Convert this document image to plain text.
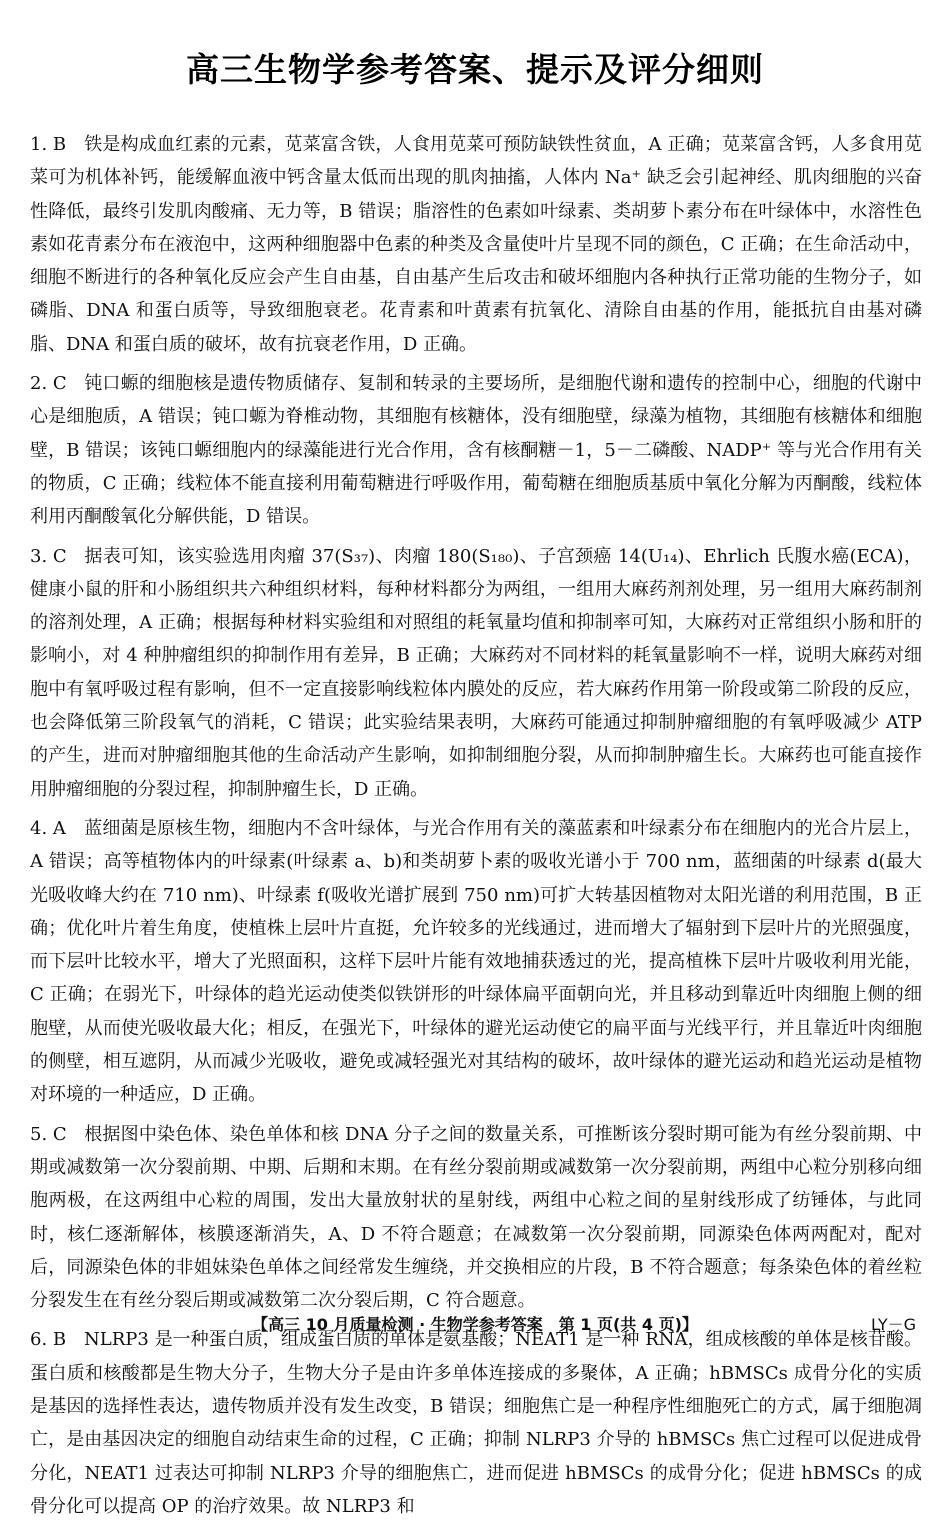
高三生物学参考答案、提示及评分细则

1. B 铁是构成血红素的元素，苋菜富含铁，人食用苋菜可预防缺铁性贫血，A 正确；苋菜富含钙，人多食用苋菜可为机体补钙，能缓解血液中钙含量太低而出现的肌肉抽搐，人体内 Na⁺ 缺乏会引起神经、肌肉细胞的兴奋性降低，最终引发肌肉酸痛、无力等，B 错误；脂溶性的色素如叶绿素、类胡萝卜素分布在叶绿体中，水溶性色素如花青素分布在液泡中，这两种细胞器中色素的种类及含量使叶片呈现不同的颜色，C 正确；在生命活动中，细胞不断进行的各种氧化反应会产生自由基，自由基产生后攻击和破坏细胞内各种执行正常功能的生物分子，如磷脂、DNA 和蛋白质等，导致细胞衰老。花青素和叶黄素有抗氧化、清除自由基的作用，能抵抗自由基对磷脂、DNA 和蛋白质的破坏，故有抗衰老作用，D 正确。

2. C 钝口螈的细胞核是遗传物质储存、复制和转录的主要场所，是细胞代谢和遗传的控制中心，细胞的代谢中心是细胞质，A 错误；钝口螈为脊椎动物，其细胞有核糖体，没有细胞壁，绿藻为植物，其细胞有核糖体和细胞壁，B 错误；该钝口螈细胞内的绿藻能进行光合作用，含有核酮糖－1，5－二磷酸、NADP⁺ 等与光合作用有关的物质，C 正确；线粒体不能直接利用葡萄糖进行呼吸作用，葡萄糖在细胞质基质中氧化分解为丙酮酸，线粒体利用丙酮酸氧化分解供能，D 错误。

3. C 据表可知，该实验选用肉瘤 37(S₃₇)、肉瘤 180(S₁₈₀)、子宫颈癌 14(U₁₄)、Ehrlich 氏腹水癌(ECA)，健康小鼠的肝和小肠组织共六种组织材料，每种材料都分为两组，一组用大麻药剂剂处理，另一组用大麻药制剂的溶剂处理，A 正确；根据每种材料实验组和对照组的耗氧量均值和抑制率可知，大麻药对正常组织小肠和肝的影响小，对 4 种肿瘤组织的抑制作用有差异，B 正确；大麻药对不同材料的耗氧量影响不一样，说明大麻药对细胞中有氧呼吸过程有影响，但不一定直接影响线粒体内膜处的反应，若大麻药作用第一阶段或第二阶段的反应，也会降低第三阶段氧气的消耗，C 错误；此实验结果表明，大麻药可能通过抑制肿瘤细胞的有氧呼吸减少 ATP 的产生，进而对肿瘤细胞其他的生命活动产生影响，如抑制细胞分裂，从而抑制肿瘤生长。大麻药也可能直接作用肿瘤细胞的分裂过程，抑制肿瘤生长，D 正确。

4. A 蓝细菌是原核生物，细胞内不含叶绿体，与光合作用有关的藻蓝素和叶绿素分布在细胞内的光合片层上，A 错误；高等植物体内的叶绿素(叶绿素 a、b)和类胡萝卜素的吸收光谱小于 700 nm，蓝细菌的叶绿素 d(最大光吸收峰大约在 710 nm)、叶绿素 f(吸收光谱扩展到 750 nm)可扩大转基因植物对太阳光谱的利用范围，B 正确；优化叶片着生角度，使植株上层叶片直挺，允许较多的光线通过，进而增大了辐射到下层叶片的光照强度，而下层叶比较水平，增大了光照面积，这样下层叶片能有效地捕获透过的光，提高植株下层叶片吸收利用光能，C 正确；在弱光下，叶绿体的趋光运动使类似铁饼形的叶绿体扁平面朝向光，并且移动到靠近叶肉细胞上侧的细胞壁，从而使光吸收最大化；相反，在强光下，叶绿体的避光运动使它的扁平面与光线平行，并且靠近叶肉细胞的侧壁，相互遮阴，从而减少光吸收，避免或减轻强光对其结构的破坏，故叶绿体的避光运动和趋光运动是植物对环境的一种适应，D 正确。

5. C 根据图中染色体、染色单体和核 DNA 分子之间的数量关系，可推断该分裂时期可能为有丝分裂前期、中期或减数第一次分裂前期、中期、后期和末期。在有丝分裂前期或减数第一次分裂前期，两组中心粒分别移向细胞两极，在这两组中心粒的周围，发出大量放射状的星射线，两组中心粒之间的星射线形成了纺锤体，与此同时，核仁逐渐解体，核膜逐渐消失，A、D 不符合题意；在减数第一次分裂前期，同源染色体两两配对，配对后，同源染色体的非姐妹染色单体之间经常发生缠绕，并交换相应的片段，B 不符合题意；每条染色体的着丝粒分裂发生在有丝分裂后期或减数第二次分裂后期，C 符合题意。

6. B NLRP3 是一种蛋白质，组成蛋白质的单体是氨基酸；NEAT1 是一种 RNA，组成核酸的单体是核苷酸。蛋白质和核酸都是生物大分子，生物大分子是由许多单体连接成的多聚体，A 正确；hBMSCs 成骨分化的实质是基因的选择性表达，遗传物质并没有发生改变，B 错误；细胞焦亡是一种程序性细胞死亡的方式，属于细胞凋亡，是由基因决定的细胞自动结束生命的过程，C 正确；抑制 NLRP3 介导的 hBMSCs 焦亡过程可以促进成骨分化，NEAT1 过表达可抑制 NLRP3 介导的细胞焦亡，进而促进 hBMSCs 的成骨分化；促进 hBMSCs 的成骨分化可以提高 OP 的治疗效果。故 NLRP3 和

【高三 10 月质量检测 · 生物学参考答案　第 1 页(共 4 页)】	LY－G
